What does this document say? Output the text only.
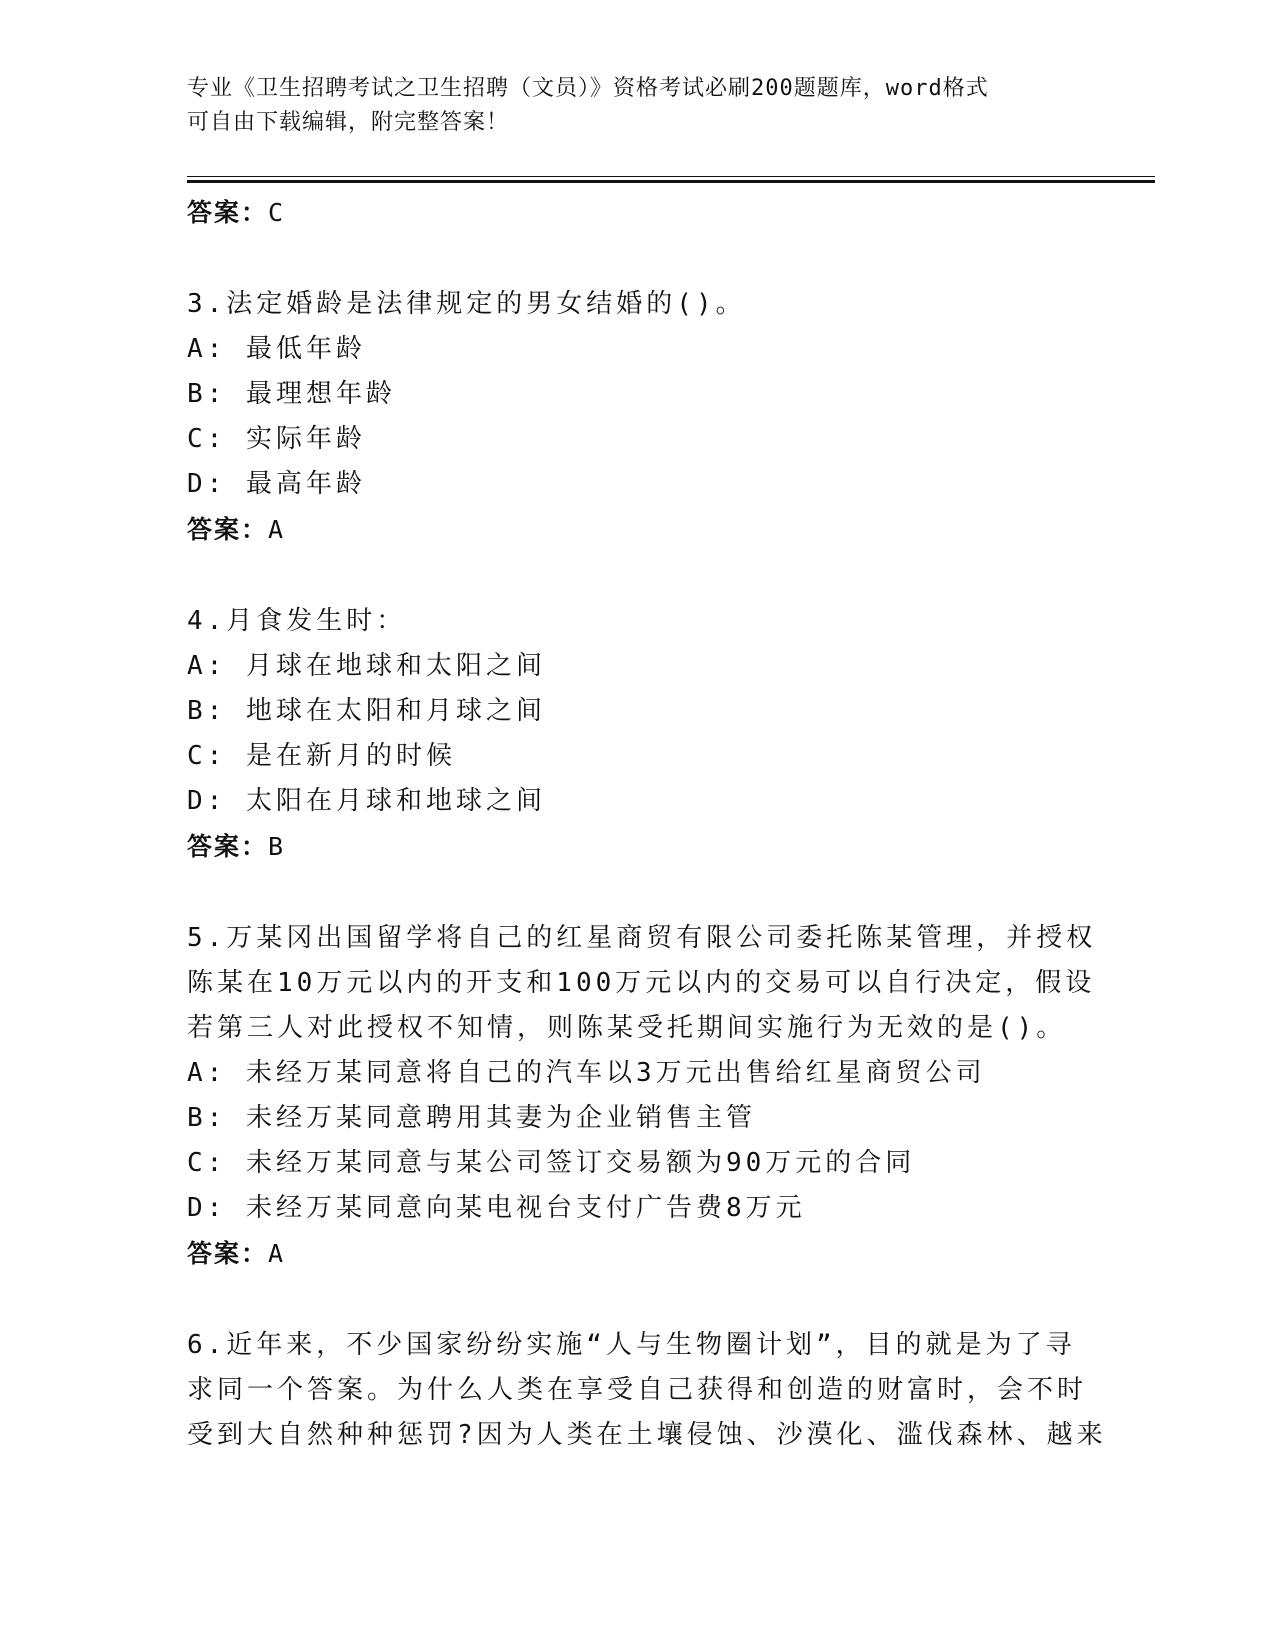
专业《卫生招聘考试之卫生招聘（文员）》资格考试必刷200题题库，word格式
可自由下载编辑，附完整答案！
答案：C
3.法定婚龄是法律规定的男女结婚的()。
A: 最低年龄
B: 最理想年龄
C: 实际年龄
D: 最高年龄
答案：A
4.月食发生时：
A: 月球在地球和太阳之间
B: 地球在太阳和月球之间
C: 是在新月的时候
D: 太阳在月球和地球之间
答案：B
5.万某冈出国留学将自己的红星商贸有限公司委托陈某管理，并授权
陈某在10万元以内的开支和100万元以内的交易可以自行决定，假设
若第三人对此授权不知情，则陈某受托期间实施行为无效的是()。
A: 未经万某同意将自己的汽车以3万元出售给红星商贸公司
B: 未经万某同意聘用其妻为企业销售主管
C: 未经万某同意与某公司签订交易额为90万元的合同
D: 未经万某同意向某电视台支付广告费8万元
答案：A
6.近年来，不少国家纷纷实施“人与生物圈计划”，目的就是为了寻
求同一个答案。为什么人类在享受自己获得和创造的财富时，会不时
受到大自然种种惩罚?因为人类在土壤侵蚀、沙漠化、滥伐森林、越来
